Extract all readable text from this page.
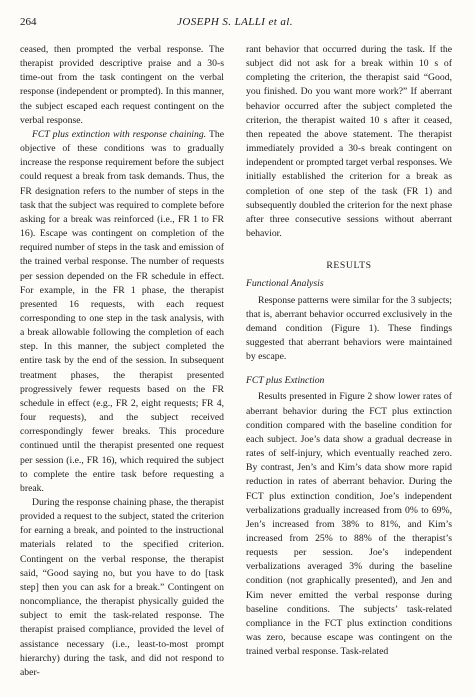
264	JOSEPH S. LALLI et al.

ceased, then prompted the verbal response. The therapist provided descriptive praise and a 30-s time-out from the task contingent on the verbal response (independent or prompted). In this manner, the subject escaped each request contingent on the verbal response.

FCT plus extinction with response chaining. The objective of these conditions was to gradually increase the response requirement before the subject could request a break from task demands. Thus, the FR designation refers to the number of steps in the task that the subject was required to complete before asking for a break was reinforced (i.e., FR 1 to FR 16). Escape was contingent on completion of the required number of steps in the task and emission of the trained verbal response. The number of requests per session depended on the FR schedule in effect. For example, in the FR 1 phase, the therapist presented 16 requests, with each request corresponding to one step in the task analysis, with a break allowable following the completion of each step. In this manner, the subject completed the entire task by the end of the session. In subsequent treatment phases, the therapist presented progressively fewer requests based on the FR schedule in effect (e.g., FR 2, eight requests; FR 4, four requests), and the subject received correspondingly fewer breaks. This procedure continued until the therapist presented one request per session (i.e., FR 16), which required the subject to complete the entire task before requesting a break.

During the response chaining phase, the therapist provided a request to the subject, stated the criterion for earning a break, and pointed to the instructional materials related to the specified criterion. Contingent on the verbal response, the therapist said, “Good saying no, but you have to do [task step] then you can ask for a break.” Contingent on noncompliance, the therapist physically guided the subject to emit the task-related response. The therapist praised compliance, provided the level of assistance necessary (i.e., least-to-most prompt hierarchy) during the task, and did not respond to aber-

rant behavior that occurred during the task. If the subject did not ask for a break within 10 s of completing the criterion, the therapist said “Good, you finished. Do you want more work?” If aberrant behavior occurred after the subject completed the criterion, the therapist waited 10 s after it ceased, then repeated the above statement. The therapist immediately provided a 30-s break contingent on independent or prompted target verbal responses. We initially established the criterion for a break as completion of one step of the task (FR 1) and subsequently doubled the criterion for the next phase after three consecutive sessions without aberrant behavior.

RESULTS

Functional Analysis

Response patterns were similar for the 3 subjects; that is, aberrant behavior occurred exclusively in the demand condition (Figure 1). These findings suggested that aberrant behaviors were maintained by escape.

FCT plus Extinction

Results presented in Figure 2 show lower rates of aberrant behavior during the FCT plus extinction condition compared with the baseline condition for each subject. Joe’s data show a gradual decrease in rates of self-injury, which eventually reached zero. By contrast, Jen’s and Kim’s data show more rapid reduction in rates of aberrant behavior. During the FCT plus extinction condition, Joe’s independent verbalizations gradually increased from 0% to 69%, Jen’s increased from 38% to 81%, and Kim’s increased from 25% to 88% of the therapist’s requests per session. Joe’s independent verbalizations averaged 3% during the baseline condition (not graphically presented), and Jen and Kim never emitted the verbal response during baseline conditions. The subjects’ task-related compliance in the FCT plus extinction conditions was zero, because escape was contingent on the trained verbal response. Task-related
